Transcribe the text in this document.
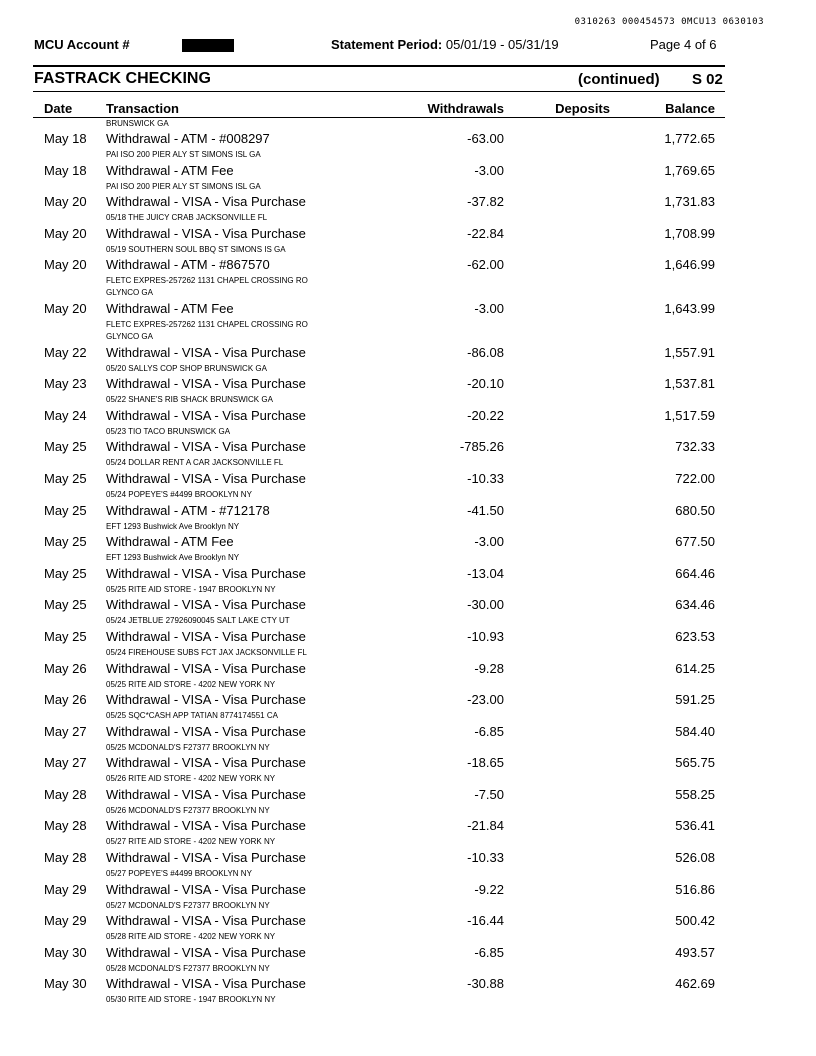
0310263 000454573 0MCU13 0630103
MCU Account #	Statement Period: 05/01/19 - 05/31/19	Page 4 of 6
FASTRACK CHECKING	(continued) S 02
Date	Transaction	Withdrawals	Deposits	Balance
BRUNSWICK GA
May 18 Withdrawal - ATM - #008297	-63.00	1,772.65
PAI ISO 200 PIER ALY ST SIMONS ISL GA
May 18 Withdrawal - ATM Fee	-3.00	1,769.65
PAI ISO 200 PIER ALY ST SIMONS ISL GA
May 20 Withdrawal - VISA - Visa Purchase	-37.82	1,731.83
05/18 THE JUICY CRAB JACKSONVILLE FL
May 20 Withdrawal - VISA - Visa Purchase	-22.84	1,708.99
05/19 SOUTHERN SOUL BBQ ST SIMONS IS GA
May 20 Withdrawal - ATM - #867570	-62.00	1,646.99
FLETC EXPRES-257262 1131 CHAPEL CROSSING RO GLYNCO GA
May 20 Withdrawal - ATM Fee	-3.00	1,643.99
FLETC EXPRES-257262 1131 CHAPEL CROSSING RO GLYNCO GA
May 22 Withdrawal - VISA - Visa Purchase	-86.08	1,557.91
05/20 SALLYS COP SHOP BRUNSWICK GA
May 23 Withdrawal - VISA - Visa Purchase	-20.10	1,537.81
05/22 SHANE'S RIB SHACK BRUNSWICK GA
May 24 Withdrawal - VISA - Visa Purchase	-20.22	1,517.59
05/23 TIO TACO BRUNSWICK GA
May 25 Withdrawal - VISA - Visa Purchase	-785.26	732.33
05/24 DOLLAR RENT A CAR JACKSONVILLE FL
May 25 Withdrawal - VISA - Visa Purchase	-10.33	722.00
05/24 POPEYE'S #4499 BROOKLYN NY
May 25 Withdrawal - ATM - #712178	-41.50	680.50
EFT 1293 Bushwick Ave Brooklyn NY
May 25 Withdrawal - ATM Fee	-3.00	677.50
EFT 1293 Bushwick Ave Brooklyn NY
May 25 Withdrawal - VISA - Visa Purchase	-13.04	664.46
05/25 RITE AID STORE - 1947 BROOKLYN NY
May 25 Withdrawal - VISA - Visa Purchase	-30.00	634.46
05/24 JETBLUE 27926090045 SALT LAKE CTY UT
May 25 Withdrawal - VISA - Visa Purchase	-10.93	623.53
05/24 FIREHOUSE SUBS FCT JAX JACKSONVILLE FL
May 26 Withdrawal - VISA - Visa Purchase	-9.28	614.25
05/25 RITE AID STORE - 4202 NEW YORK NY
May 26 Withdrawal - VISA - Visa Purchase	-23.00	591.25
05/25 SQC*CASH APP TATIAN 8774174551 CA
May 27 Withdrawal - VISA - Visa Purchase	-6.85	584.40
05/25 MCDONALD'S F27377 BROOKLYN NY
May 27 Withdrawal - VISA - Visa Purchase	-18.65	565.75
05/26 RITE AID STORE - 4202 NEW YORK NY
May 28 Withdrawal - VISA - Visa Purchase	-7.50	558.25
05/26 MCDONALD'S F27377 BROOKLYN NY
May 28 Withdrawal - VISA - Visa Purchase	-21.84	536.41
05/27 RITE AID STORE - 4202 NEW YORK NY
May 28 Withdrawal - VISA - Visa Purchase	-10.33	526.08
05/27 POPEYE'S #4499 BROOKLYN NY
May 29 Withdrawal - VISA - Visa Purchase	-9.22	516.86
05/27 MCDONALD'S F27377 BROOKLYN NY
May 29 Withdrawal - VISA - Visa Purchase	-16.44	500.42
05/28 RITE AID STORE - 4202 NEW YORK NY
May 30 Withdrawal - VISA - Visa Purchase	-6.85	493.57
05/28 MCDONALD'S F27377 BROOKLYN NY
May 30 Withdrawal - VISA - Visa Purchase	-30.88	462.69
05/30 RITE AID STORE - 1947 BROOKLYN NY
